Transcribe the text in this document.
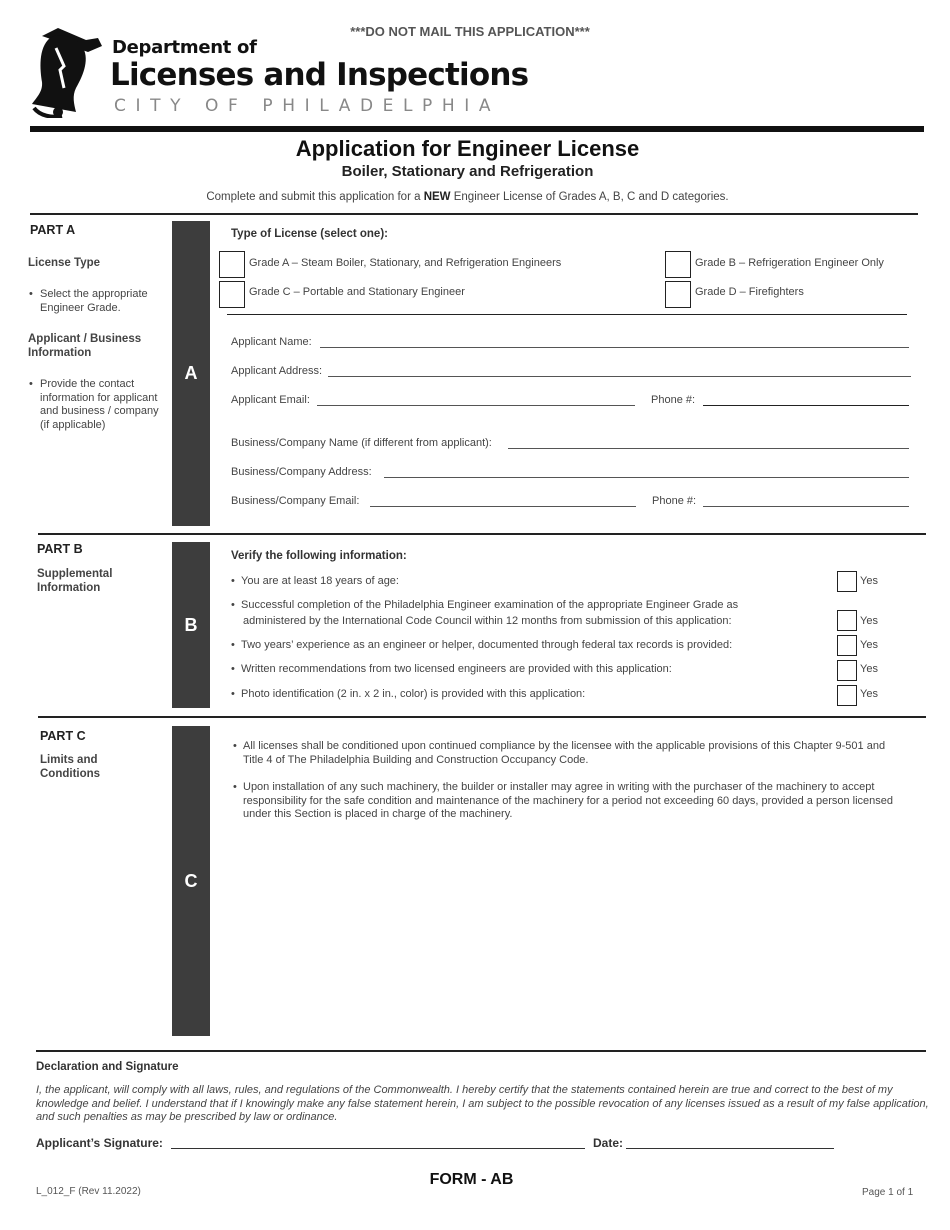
***DO NOT MAIL THIS APPLICATION***
Department of
Licenses and Inspections
CITY OF PHILADELPHIA
Application for Engineer License
Boiler, Stationary and Refrigeration
Complete and submit this application for a NEW Engineer License of Grades A, B, C and D categories.
PART A
License Type
• Select the appropriate Engineer Grade.
Applicant / Business Information
• Provide the contact information for applicant and business / company (if applicable)
A
Type of License (select one):
Grade A – Steam Boiler, Stationary, and Refrigeration Engineers	Grade B – Refrigeration Engineer Only
Grade C – Portable and Stationary Engineer	Grade D – Firefighters
Applicant Name:
Applicant Address:
Applicant Email:	Phone #:
Business/Company Name (if different from applicant):
Business/Company Address:
Business/Company Email:	Phone #:
PART B
Supplemental Information
B
Verify the following information:
• You are at least 18 years of age:	Yes
• Successful completion of the Philadelphia Engineer examination of the appropriate Engineer Grade as
administered by the International Code Council within 12 months from submission of this application:	Yes
• Two years’ experience as an engineer or helper, documented through federal tax records is provided:	Yes
• Written recommendations from two licensed engineers are provided with this application:	Yes
• Photo identification (2 in. x 2 in., color) is provided with this application:	Yes
PART C
Limits and Conditions
C
• All licenses shall be conditioned upon continued compliance by the licensee with the applicable provisions of this Chapter 9-501 and Title 4 of The Philadelphia Building and Construction Occupancy Code.
• Upon installation of any such machinery, the builder or installer may agree in writing with the purchaser of the machinery to accept responsibility for the safe condition and maintenance of the machinery for a period not exceeding 60 days, provided a person licensed under this Section is placed in charge of the machinery.
Declaration and Signature
I, the applicant, will comply with all laws, rules, and regulations of the Commonwealth. I hereby certify that the statements contained herein are true and correct to the best of my knowledge and belief. I understand that if I knowingly make any false statement herein, I am subject to the possible revocation of any licenses issued as a result of my false application, and such penalties as may be prescribed by law or ordinance.
Applicant’s Signature:	Date:
FORM - AB
L_012_F (Rev 11.2022)	Page 1 of 1
